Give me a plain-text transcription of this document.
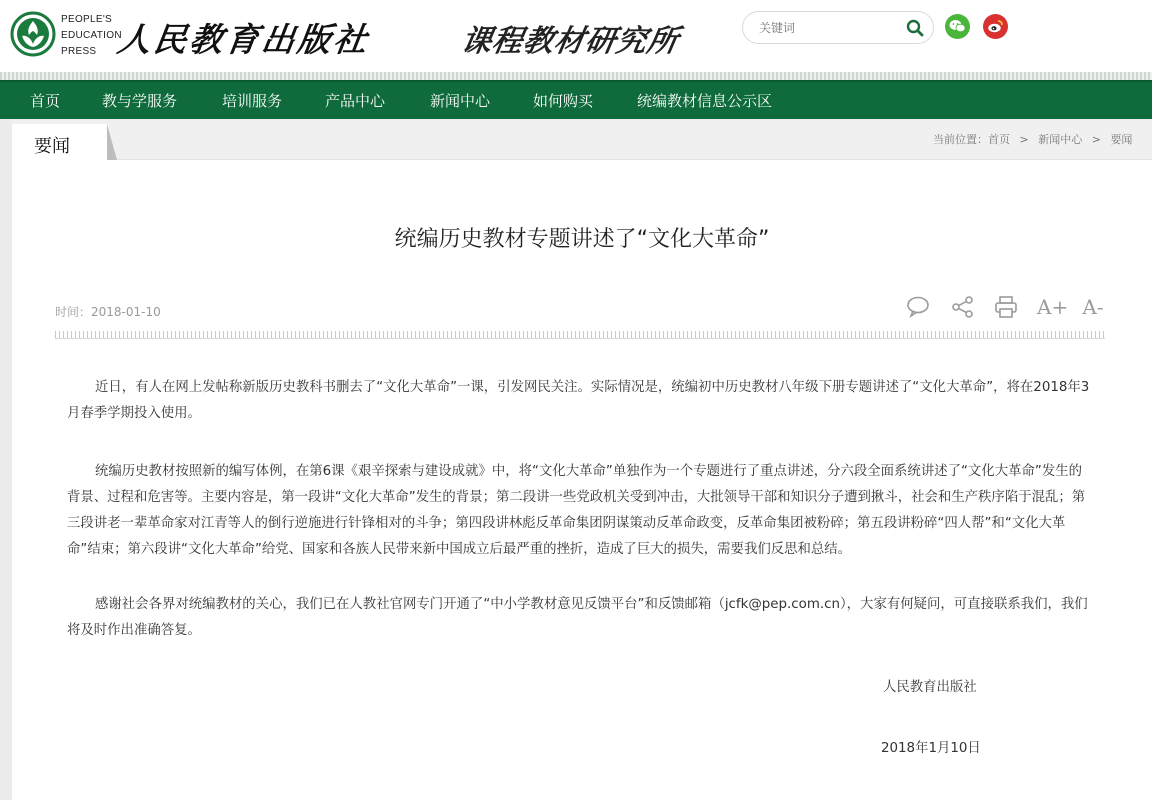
PEOPLE'S
EDUCATION
PRESS 人民教育出版社	课程教材研究所
关键词
首页	教与学服务	培训服务	产品中心	新闻中心	如何购买	统编教材信息公示区
要闻	当前位置：首页 > 新闻中心 > 要闻
统编历史教材专题讲述了“文化大革命”
时间：2018-01-10	A+ A-

近日，有人在网上发帖称新版历史教科书删去了“文化大革命”一课，引发网民关注。实际情况是，统编初中历史教材八年级下册专题讲述了“文化大革命”，将在2018年3月春季学期投入使用。

统编历史教材按照新的编写体例，在第6课《艰辛探索与建设成就》中，将“文化大革命”单独作为一个专题进行了重点讲述，分六段全面系统讲述了“文化大革命”发生的背景、过程和危害等。主要内容是，第一段讲“文化大革命”发生的背景；第二段讲一些党政机关受到冲击，大批领导干部和知识分子遭到揪斗，社会和生产秩序陷于混乱；第三段讲老一辈革命家对江青等人的倒行逆施进行针锋相对的斗争；第四段讲林彪反革命集团阴谋策动反革命政变，反革命集团被粉碎；第五段讲粉碎“四人帮”和“文化大革命”结束；第六段讲“文化大革命”给党、国家和各族人民带来新中国成立后最严重的挫折，造成了巨大的损失，需要我们反思和总结。

感谢社会各界对统编教材的关心，我们已在人教社官网专门开通了“中小学教材意见反馈平台”和反馈邮箱（jcfk@pep.com.cn），大家有何疑问，可直接联系我们，我们将及时作出准确答复。

人民教育出版社
2018年1月10日
